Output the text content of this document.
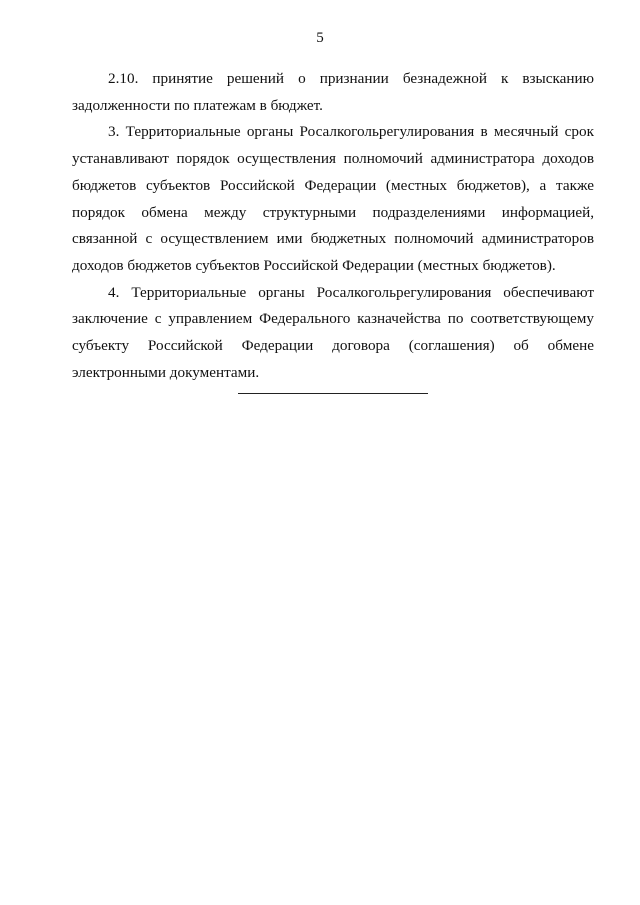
5

2.10. принятие решений о признании безнадежной к взысканию задолженности по платежам в бюджет.

3. Территориальные органы Росалкогольрегулирования в месячный срок устанавливают порядок осуществления полномочий администратора доходов бюджетов субъектов Российской Федерации (местных бюджетов), а также порядок обмена между структурными подразделениями информацией, связанной с осуществлением ими бюджетных полномочий администраторов доходов бюджетов субъектов Российской Федерации (местных бюджетов).

4. Территориальные органы Росалкогольрегулирования обеспечивают заключение с управлением Федерального казначейства по соответствующему субъекту Российской Федерации договора (соглашения) об обмене электронными документами.
